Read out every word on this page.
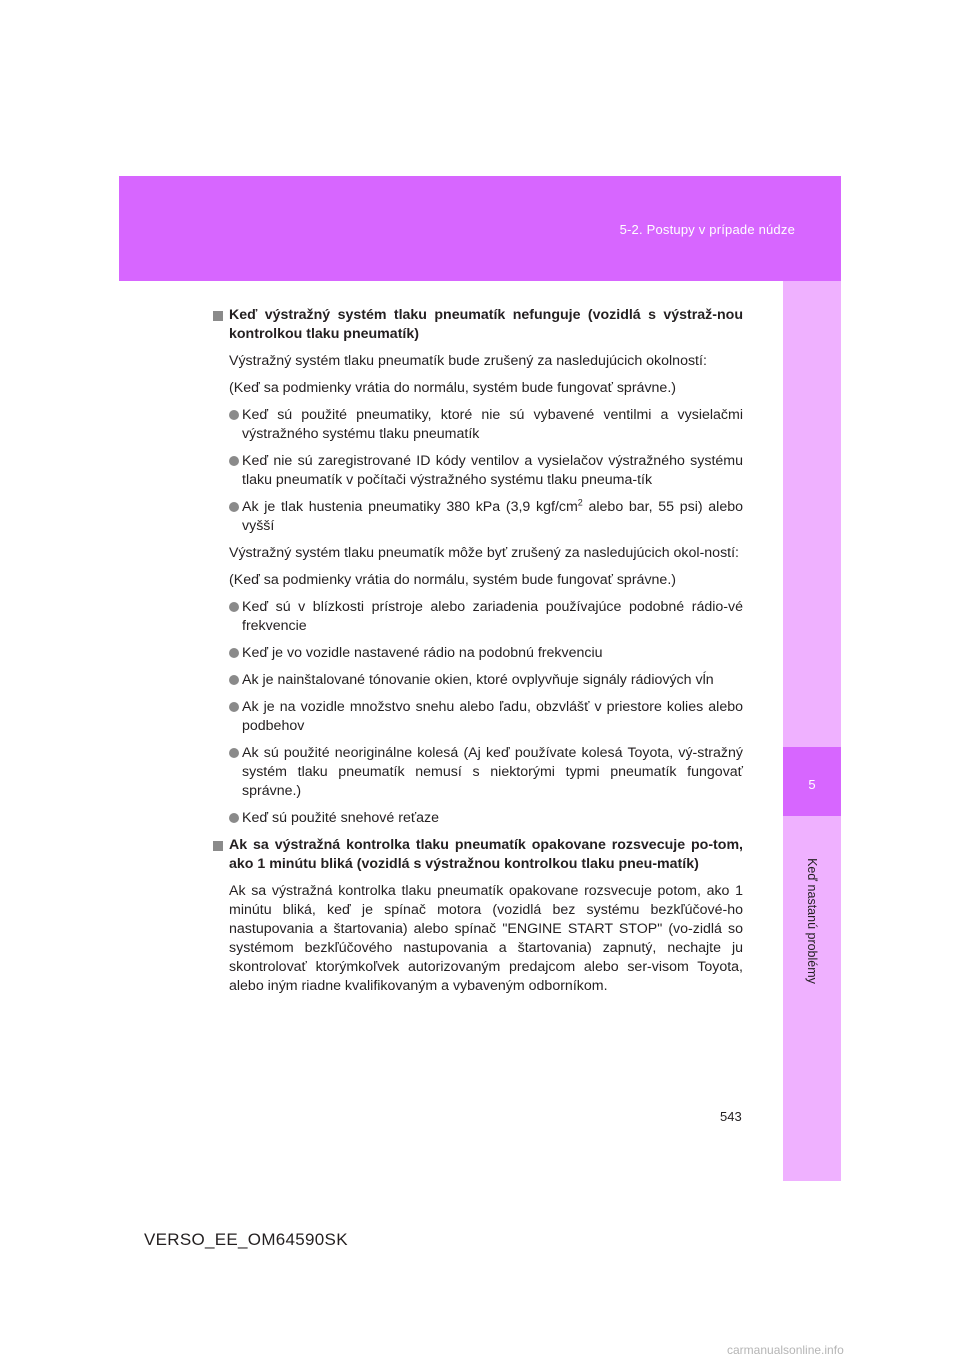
5-2. Postupy v prípade núdze
5
Keď nastanú problémy
Keď výstražný systém tlaku pneumatík nefunguje (vozidlá s výstraž-nou kontrolkou tlaku pneumatík)

Výstražný systém tlaku pneumatík bude zrušený za nasledujúcich okolností:

(Keď sa podmienky vrátia do normálu, systém bude fungovať správne.)

Keď sú použité pneumatiky, ktoré nie sú vybavené ventilmi a vysielačmi výstražného systému tlaku pneumatík
Keď nie sú zaregistrované ID kódy ventilov a vysielačov výstražného systému tlaku pneumatík v počítači výstražného systému tlaku pneuma-tík
Ak je tlak hustenia pneumatiky 380 kPa (3,9 kgf/$cm^2$ alebo bar, 55 psi) alebo vyšší

Výstražný systém tlaku pneumatík môže byť zrušený za nasledujúcich okol-ností:

(Keď sa podmienky vrátia do normálu, systém bude fungovať správne.)

Keď sú v blízkosti prístroje alebo zariadenia používajúce podobné rádio-vé frekvencie
Keď je vo vozidle nastavené rádio na podobnú frekvenciu
Ak je nainštalované tónovanie okien, ktoré ovplyvňuje signály rádiových vĺn
Ak je na vozidle množstvo snehu alebo ľadu, obzvlášť v priestore kolies alebo podbehov
Ak sú použité neoriginálne kolesá (Aj keď používate kolesá Toyota, vý-stražný systém tlaku pneumatík nemusí s niektorými typmi pneumatík fungovať správne.)
Keď sú použité snehové reťaze
Ak sa výstražná kontrolka tlaku pneumatík opakovane rozsvecuje po-tom, ako 1 minútu bliká (vozidlá s výstražnou kontrolkou tlaku pneu-matík)

Ak sa výstražná kontrolka tlaku pneumatík opakovane rozsvecuje potom, ako 1 minútu bliká, keď je spínač motora (vozidlá bez systému bezkľúčové-ho nastupovania a štartovania) alebo spínač "ENGINE START STOP" (vo-zidlá so systémom bezkľúčového nastupovania a štartovania) zapnutý, nechajte ju skontrolovať ktorýmkoľvek autorizovaným predajcom alebo ser-visom Toyota, alebo iným riadne kvalifikovaným a vybaveným odborníkom.

543
VERSO_EE_OM64590SK
carmanualsonline.info
